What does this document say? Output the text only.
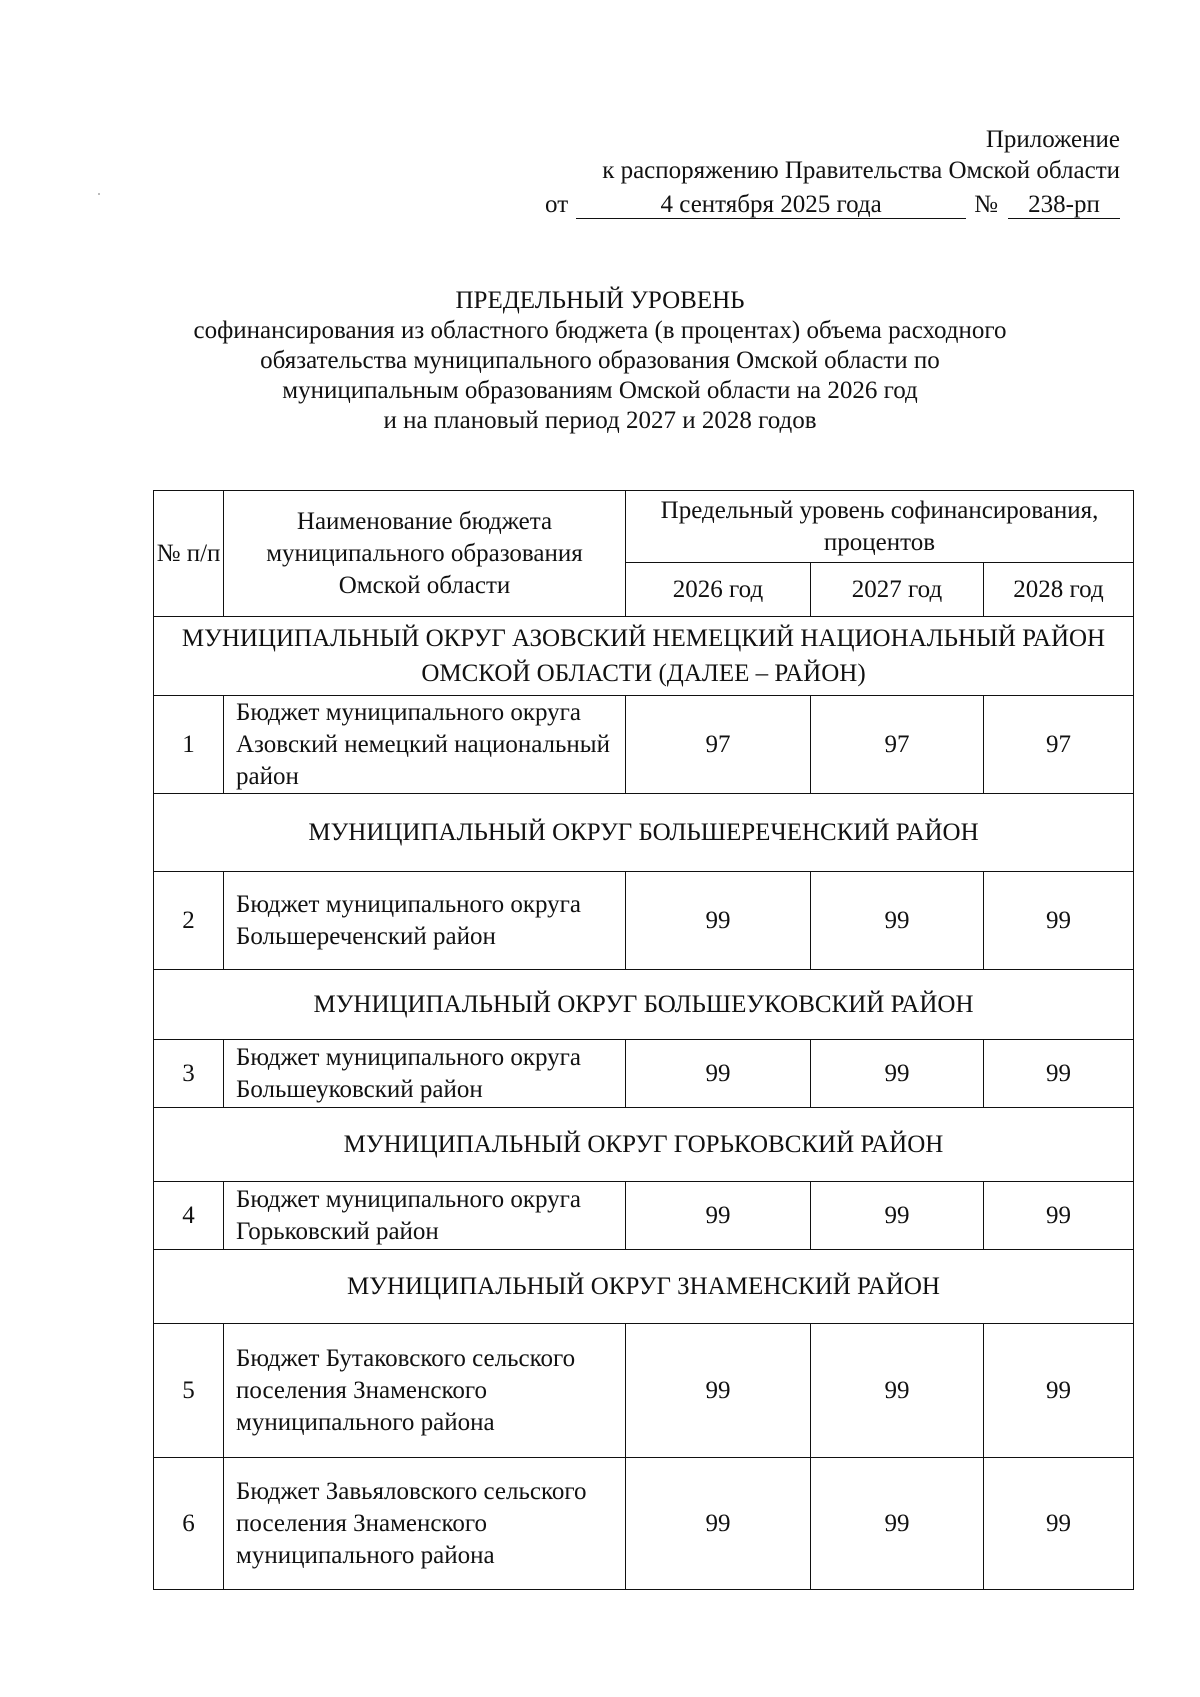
Приложение
к распоряжению Правительства Омской области
от	4 сентября 2025 года	№ 238-рп
ПРЕДЕЛЬНЫЙ УРОВЕНЬ
софинансирования из областного бюджета (в процентах) объема расходного
обязательства муниципального образования Омской области по
муниципальным образованиям Омской области на 2026 год
и на плановый период 2027 и 2028 годов
№ п/п	Наименование бюджета муниципального образования Омской области	Предельный уровень софинансирования, процентов		
		2026 год	2027 год	2028 год
МУНИЦИПАЛЬНЫЙ ОКРУГ АЗОВСКИЙ НЕМЕЦКИЙ НАЦИОНАЛЬНЫЙ РАЙОН ОМСКОЙ ОБЛАСТИ (ДАЛЕЕ – РАЙОН)				
1	Бюджет муниципального округа Азовский немецкий национальный район	97	97	97
МУНИЦИПАЛЬНЫЙ ОКРУГ БОЛЬШЕРЕЧЕНСКИЙ РАЙОН				
2	Бюджет муниципального округа Большереченский район	99	99	99
МУНИЦИПАЛЬНЫЙ ОКРУГ БОЛЬШЕУКОВСКИЙ РАЙОН				
3	Бюджет муниципального округа Большеуковский район	99	99	99
МУНИЦИПАЛЬНЫЙ ОКРУГ ГОРЬКОВСКИЙ РАЙОН				
4	Бюджет муниципального округа Горьковский район	99	99	99
МУНИЦИПАЛЬНЫЙ ОКРУГ ЗНАМЕНСКИЙ РАЙОН				
5	Бюджет Бутаковского сельского поселения Знаменского муниципального района	99	99	99
6	Бюджет Завьяловского сельского поселения Знаменского муниципального района	99	99	99
